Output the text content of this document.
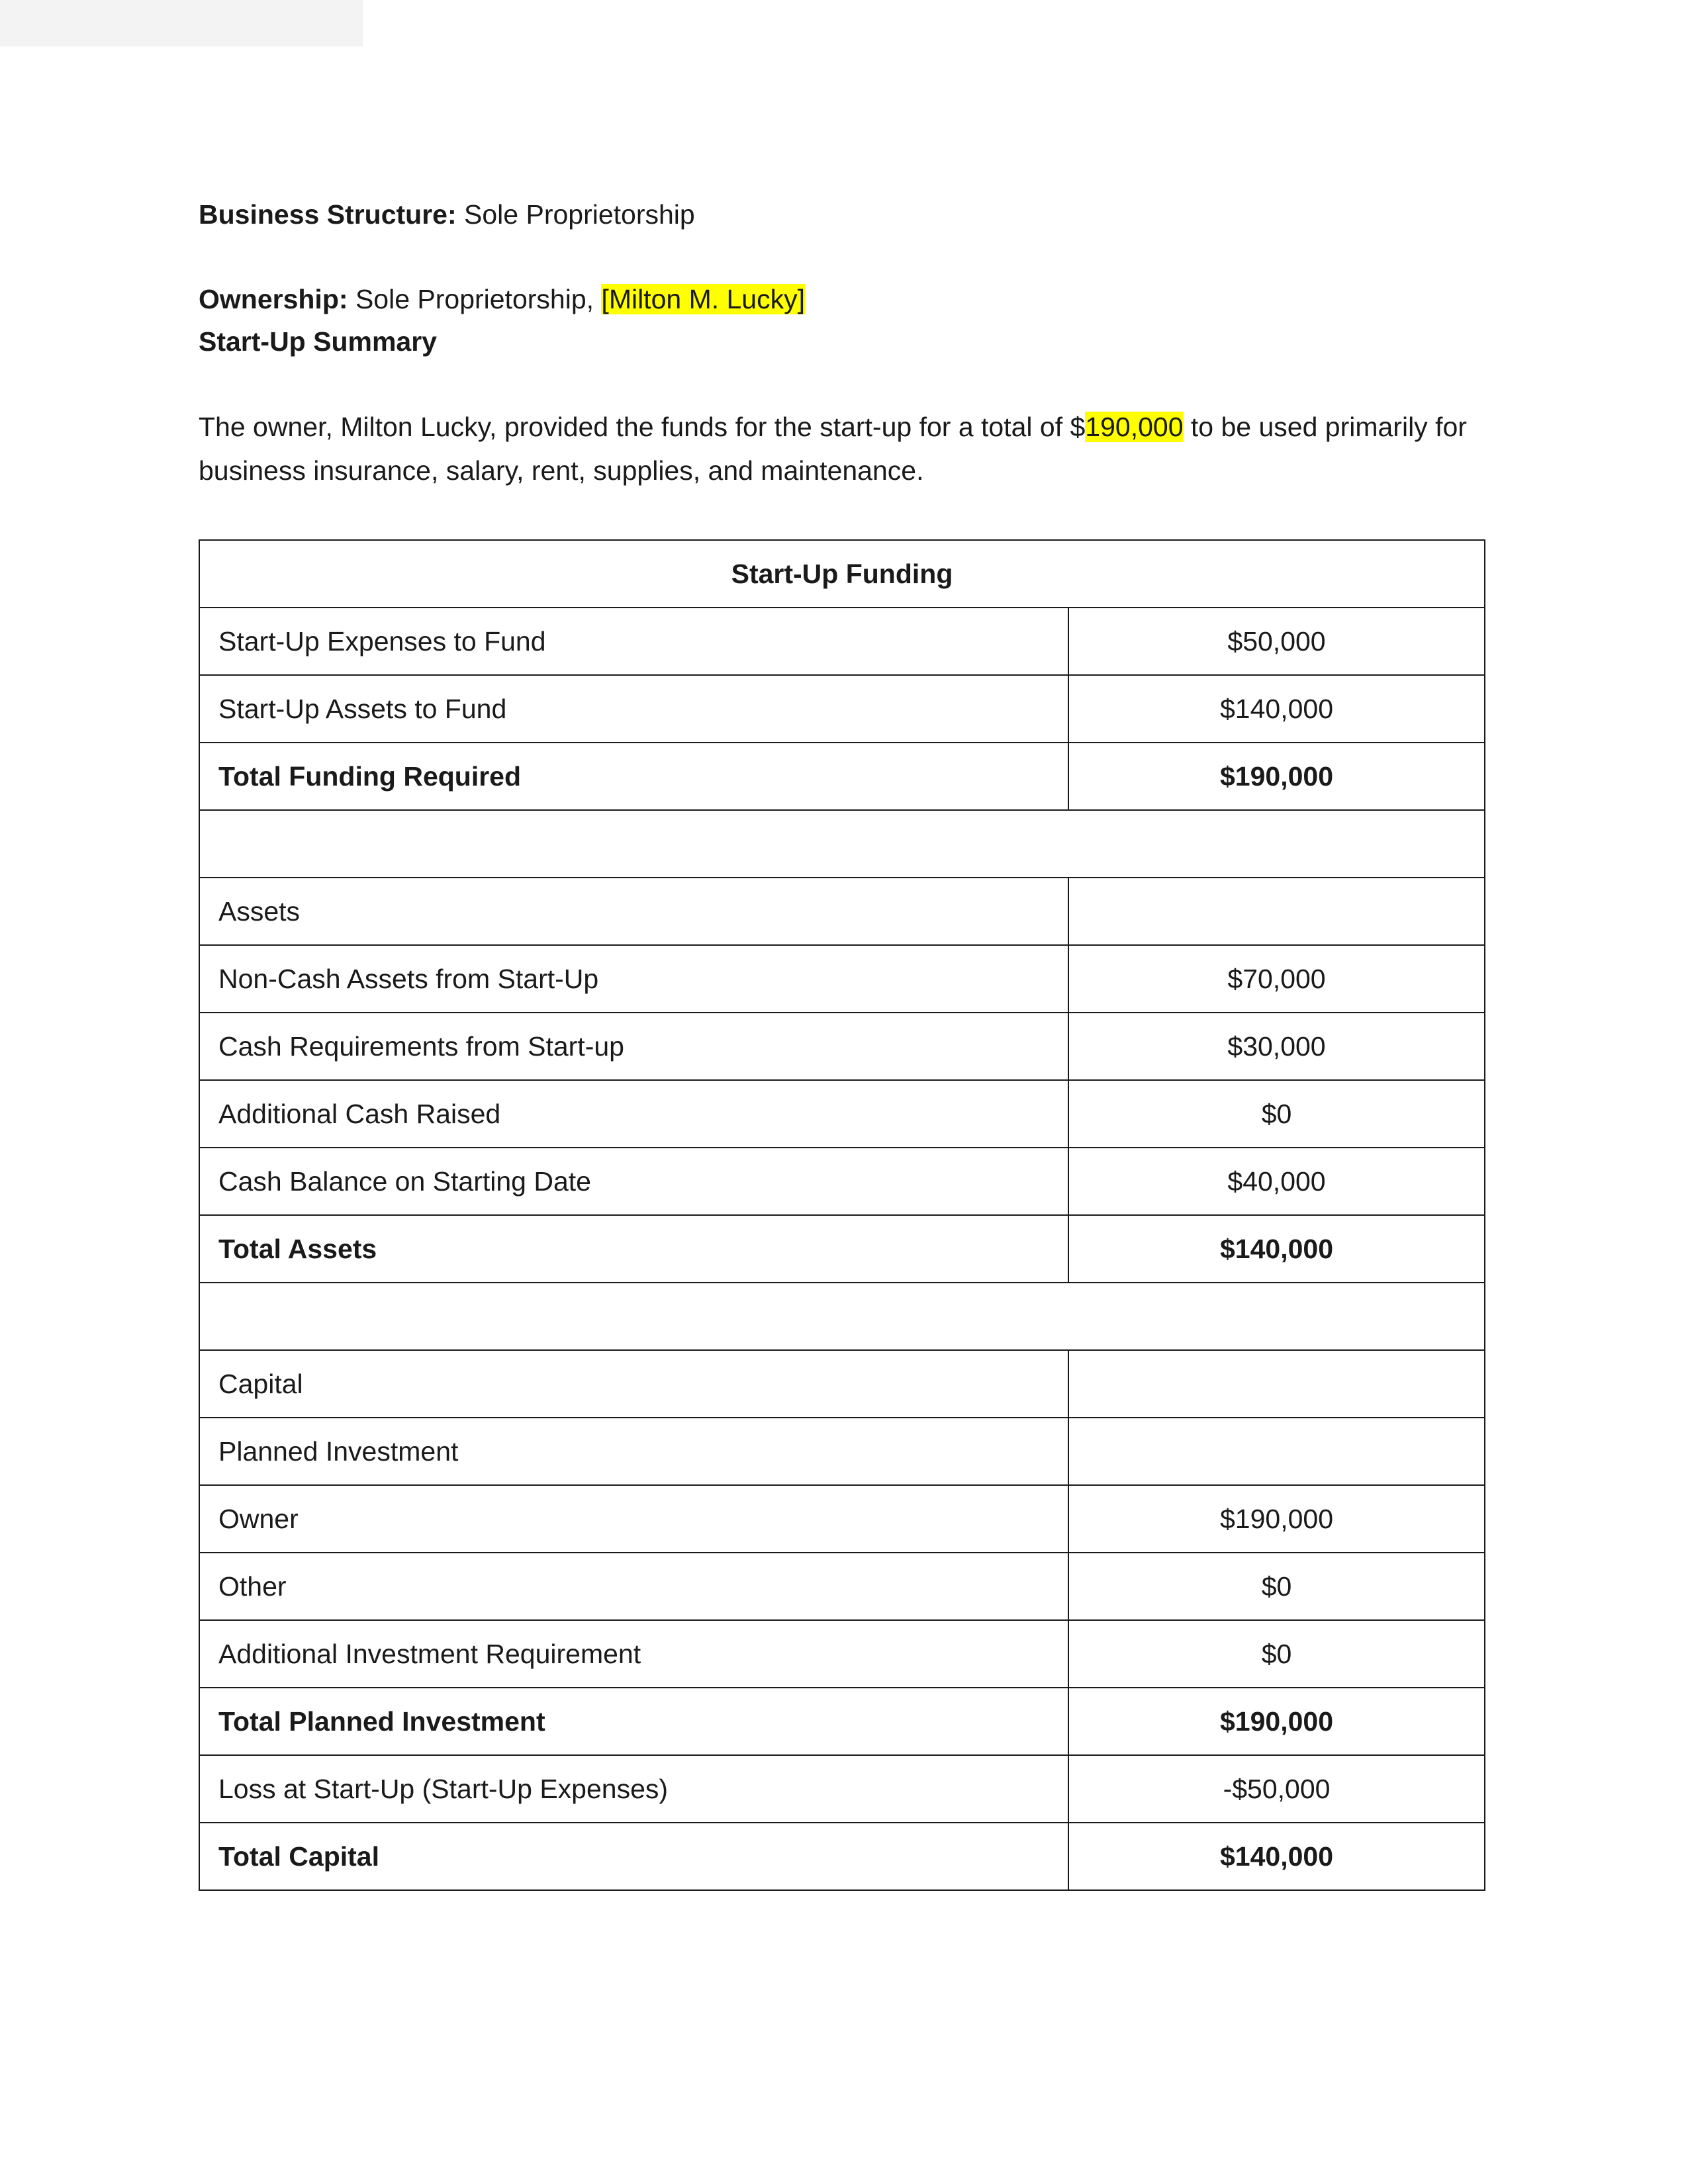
Business Structure: Sole Proprietorship
Ownership: Sole Proprietorship, [Milton M. Lucky]
Start-Up Summary
The owner, Milton Lucky, provided the funds for the start-up for a total of $190,000 to be used primarily for business insurance, salary, rent, supplies, and maintenance.
Start-Up Funding	
Start-Up Expenses to Fund	$50,000
Start-Up Assets to Fund	$140,000
Total Funding Required	$190,000

Assets	
Non-Cash Assets from Start-Up	$70,000
Cash Requirements from Start-up	$30,000
Additional Cash Raised	$0
Cash Balance on Starting Date	$40,000
Total Assets	$140,000

Capital	
Planned Investment	
Owner	$190,000
Other	$0
Additional Investment Requirement	$0
Total Planned Investment	$190,000
Loss at Start-Up (Start-Up Expenses)	-$50,000
Total Capital	$140,000
